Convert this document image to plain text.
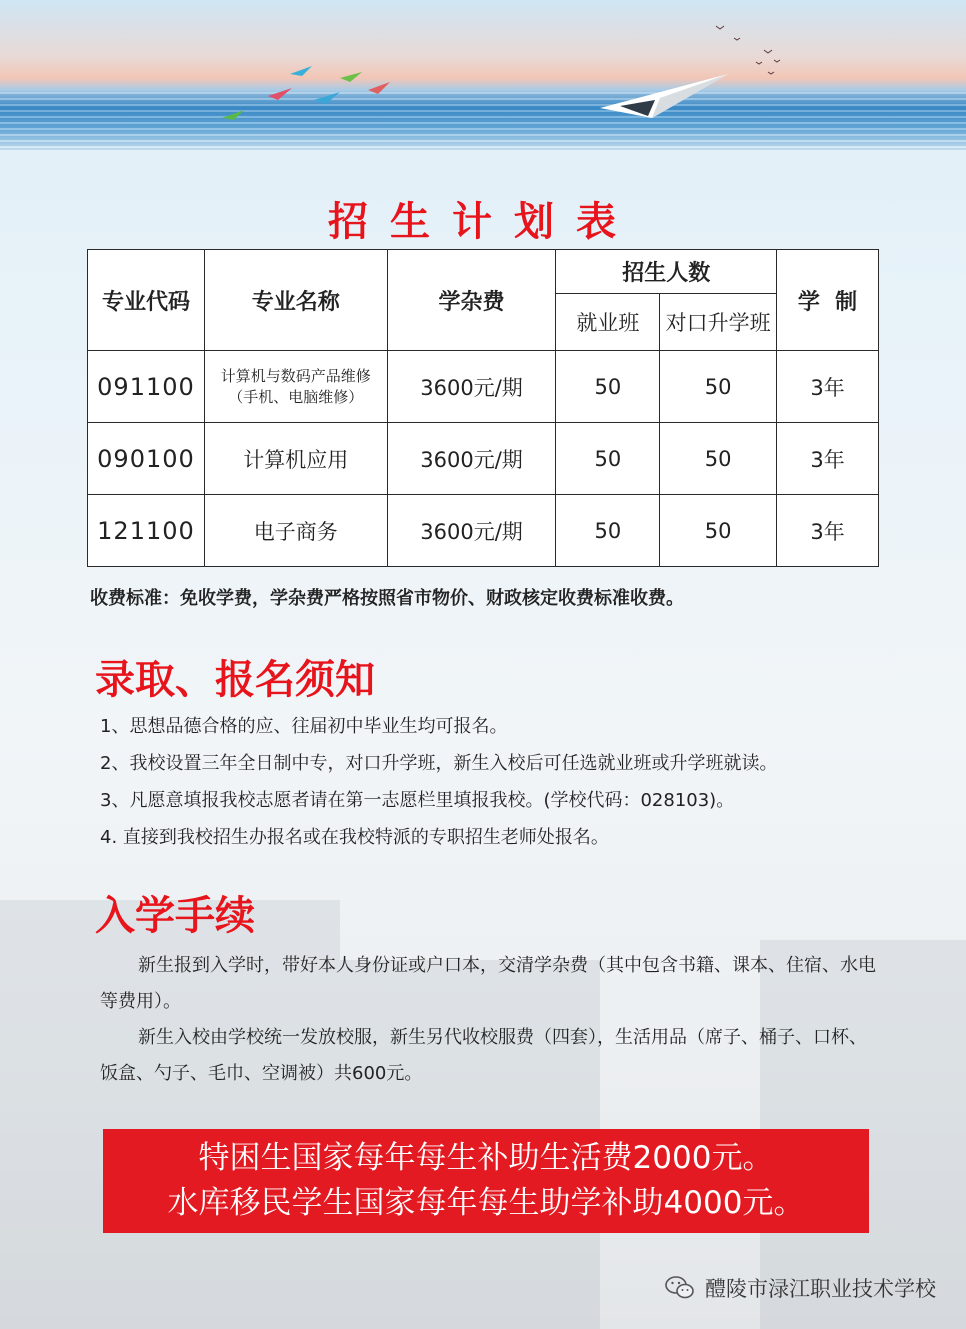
招生计划表
专业代码	专业名称	学杂费	招生人数		学  制
			就业班	对口升学班	
091100	计算机与数码产品维修
（手机、电脑维修）	3600元/期	50	50	3年
090100	计算机应用	3600元/期	50	50	3年
121100	电子商务	3600元/期	50	50	3年
收费标准：免收学费，学杂费严格按照省市物价、财政核定收费标准收费。
录取、报名须知
1、思想品德合格的应、往届初中毕业生均可报名。
2、我校设置三年全日制中专，对口升学班，新生入校后可任选就业班或升学班就读。
3、凡愿意填报我校志愿者请在第一志愿栏里填报我校。(学校代码：028103)。
4. 直接到我校招生办报名或在我校特派的专职招生老师处报名。
入学手续

新生报到入学时，带好本人身份证或户口本，交清学杂费（其中包含书籍、课本、住宿、水电等费用）。

新生入校由学校统一发放校服，新生另代收校服费（四套），生活用品（席子、桶子、口杯、饭盒、勺子、毛巾、空调被）共600元。

特困生国家每年每生补助生活费2000元。
水库移民学生国家每年每生助学补助4000元。
醴陵市渌江职业技术学校
